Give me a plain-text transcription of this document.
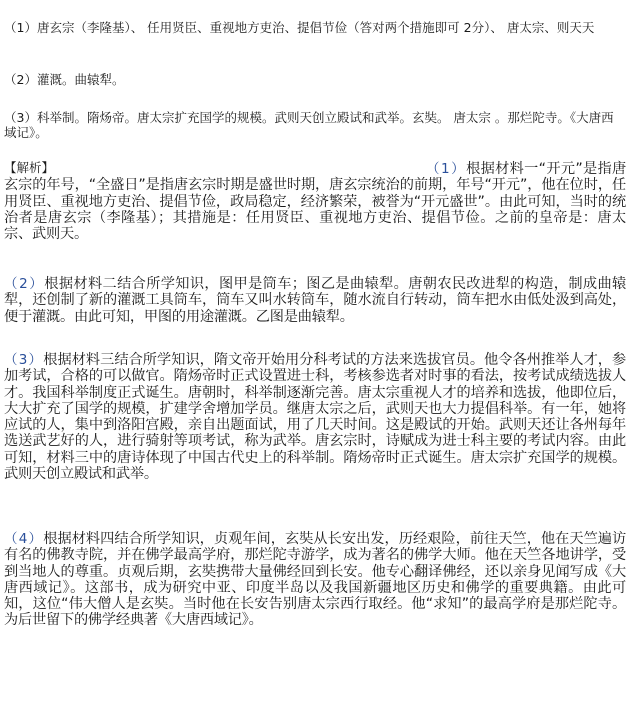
（1）唐玄宗（李隆基）、 任用贤臣、重视地方吏治、提倡节俭（答对两个措施即可 2分）、 唐太宗、则天天
（2）灌溉。曲辕犁。
（3）科举制。隋炀帝。唐太宗扩充国学的规模。武则天创立殿试和武举。玄奘。 唐太宗 。那烂陀寺。《大唐西域记》。
【解析】	（1）根据材料一“开元”是指唐玄宗的年号，“全盛日”是指唐玄宗时期是盛世时期，唐玄宗统治的前期，年号“开元”，他在位时，任用贤臣、重视地方吏治、提倡节俭，政局稳定，经济繁荣，被誉为“开元盛世”。由此可知，当时的统治者是唐玄宗（李隆基）；其措施是：任用贤臣、重视地方吏治、提倡节俭。之前的皇帝是：唐太宗、武则天。
（2）根据材料二结合所学知识，图甲是筒车；图乙是曲辕犁。唐朝农民改进犁的构造，制成曲辕犁，还创制了新的灌溉工具筒车，筒车又叫水转筒车，随水流自行转动，筒车把水由低处汲到高处，便于灌溉。由此可知，甲图的用途灌溉。乙图是曲辕犁。
（3）根据材料三结合所学知识，隋文帝开始用分科考试的方法来选拔官员。他令各州推举人才，参加考试，合格的可以做官。隋炀帝时正式设置进士科，考核参选者对时事的看法，按考试成绩选拔人才。我国科举制度正式诞生。唐朝时，科举制逐渐完善。唐太宗重视人才的培养和选拔，他即位后，大大扩充了国学的规模，扩建学舍增加学员。继唐太宗之后，武则天也大力提倡科举。有一年，她将应试的人，集中到洛阳宫殿，亲自出题面试，用了几天时间。这是殿试的开始。武则天还让各州每年选送武艺好的人，进行骑射等项考试，称为武举。唐玄宗时，诗赋成为进士科主要的考试内容。由此可知，材料三中的唐诗体现了中国古代史上的科举制。隋炀帝时正式诞生。唐太宗扩充国学的规模。武则天创立殿试和武举。
（4）根据材料四结合所学知识，贞观年间，玄奘从长安出发，历经艰险，前往天竺，他在天竺遍访有名的佛教寺院，并在佛学最高学府，那烂陀寺游学，成为著名的佛学大师。他在天竺各地讲学，受到当地人的尊重。贞观后期，玄奘携带大量佛经回到长安。他专心翻译佛经，还以亲身见闻写成《大唐西域记》。这部书，成为研究中亚、印度半岛以及我国新疆地区历史和佛学的重要典籍。由此可知，这位“伟大僧人是玄奘。当时他在长安告别唐太宗西行取经。他“求知”的最高学府是那烂陀寺。为后世留下的佛学经典著《大唐西域记》。
